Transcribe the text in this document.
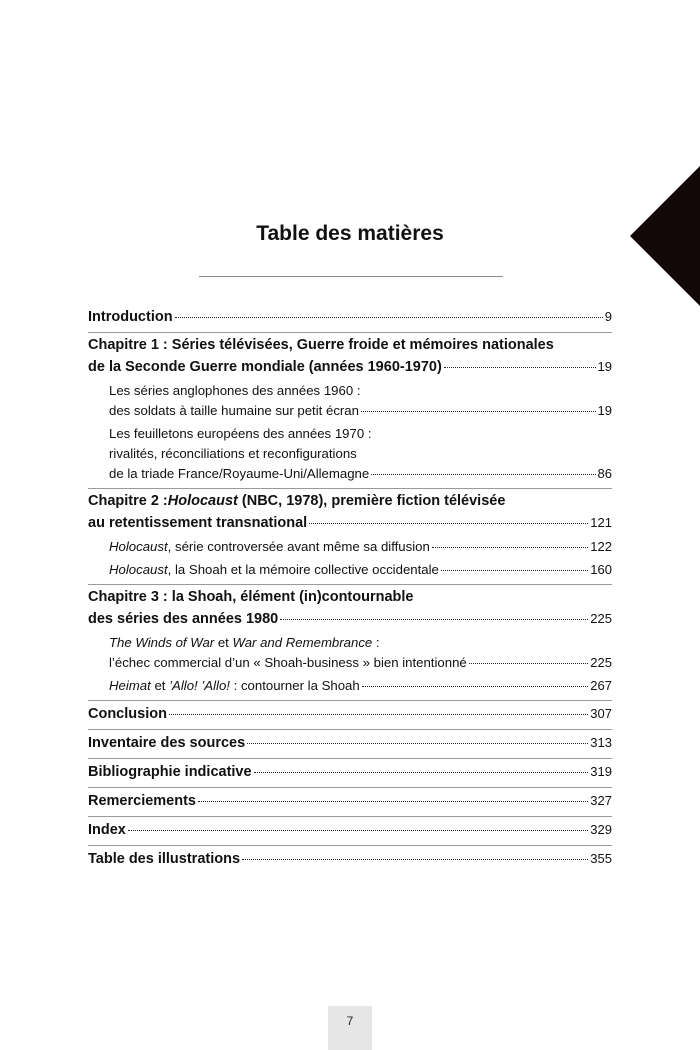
Table des matières
Introduction	9
Chapitre 1 : Séries télévisées, Guerre froide et mémoires nationales
de la Seconde Guerre mondiale (années 1960-1970)	19
Les séries anglophones des années 1960 :
des soldats à taille humaine sur petit écran	19
Les feuilletons européens des années 1970 :
rivalités, réconciliations et reconfigurations
de la triade France/Royaume-Uni/Allemagne	86
Chapitre 2 : Holocaust (NBC, 1978), première fiction télévisée
au retentissement transnational	121
Holocaust , série controversée avant même sa diffusion	122
Holocaust , la Shoah et la mémoire collective occidentale	160
Chapitre 3 : la Shoah, élément (in)contournable
des séries des années 1980	225
The Winds of War et War and Remembrance :
l’échec commercial d’un « Shoah-business » bien intentionné	225
Heimat et ’Allo! ’Allo! : contourner la Shoah	267
Conclusion	307
Inventaire des sources	313
Bibliographie indicative	319
Remerciements	327
Index	329
Table des illustrations	355
7
